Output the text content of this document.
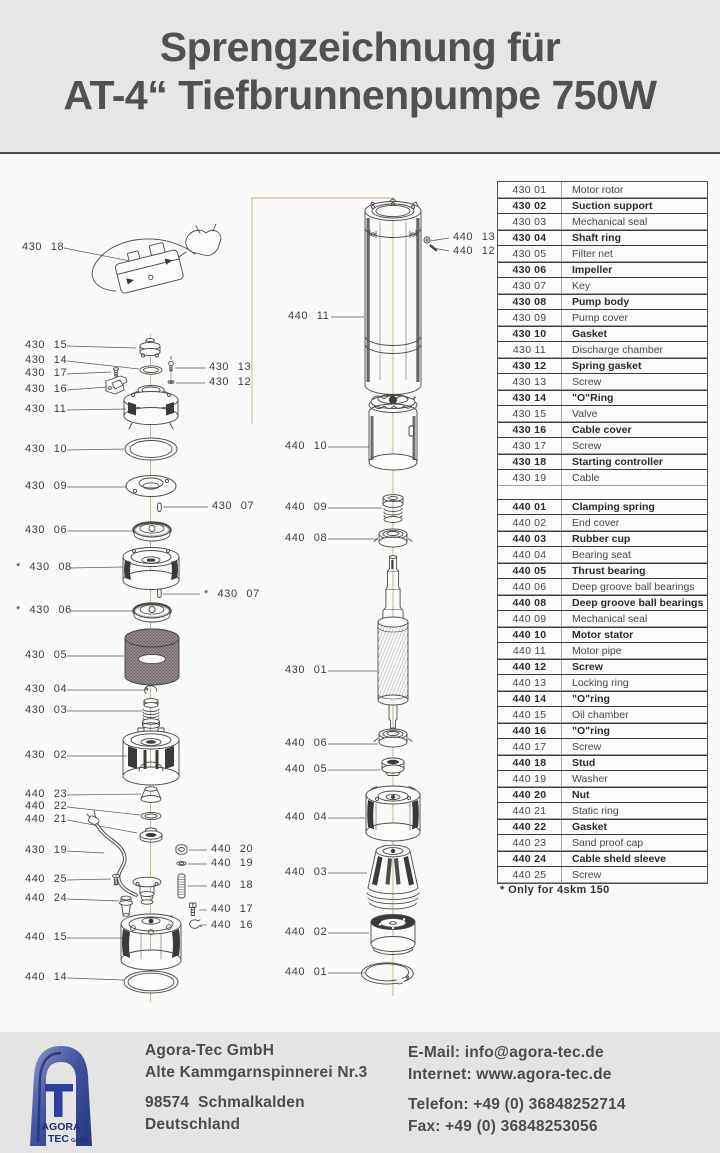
Sprengzeichnung für
AT-4“ Tiefbrunnenpumpe 750W
430 18
430 15
430 14
430 17
430 16
430 11
430 10
430 09
430 06
* 430 08
* 430 06
430 05
430 04
430 03
430 02
440 23
440 22
440 21
430 19
440 25
440 24
440 15
440 14
430 13
430 12
430 07
* 430 07
440 20
440 19
440 18
440 17
440 16
440 13
440 12
440 11
440 10
440 09
440 08
430 01
440 06
440 05
440 04
440 03
440 02
440 01
430 01	Motor rotor
430 02	Suction support
430 03	Mechanical seal
430 04	Shaft ring
430 05	Filter net
430 06	Impeller
430 07	Key
430 08	Pump body
430 09	Pump cover
430 10	Gasket
430 11	Discharge chamber
430 12	Spring gasket
430 13	Screw
430 14	"O"Ring
430 15	Valve
430 16	Cable cover
430 17	Screw
430 18	Starting controller
430 19	Cable
440 01	Clamping spring
440 02	End cover
440 03	Rubber cup
440 04	Bearing seat
440 05	Thrust bearing
440 06	Deep groove ball bearings
440 08	Deep groove ball bearings
440 09	Mechanical seal
440 10	Motor stator
440 11	Motor pipe
440 12	Screw
440 13	Locking ring
440 14	"O"ring
440 15	Oil chamber
440 16	"O"ring
440 17	Screw
440 18	Stud
440 19	Washer
440 20	Nut
440 21	Static ring
440 22	Gasket
440 23	Sand proof cap
440 24	Cable sheld sleeve
440 25	Screw
* Only for 4skm 150
AGORA
TEC GmbH
Agora-Tec GmbH
Alte Kammgarnspinnerei Nr.3
98574  Schmalkalden
Deutschland
E-Mail: info@agora-tec.de
Internet: www.agora-tec.de
Telefon: +49 (0) 36848252714
Fax: +49 (0) 36848253056
